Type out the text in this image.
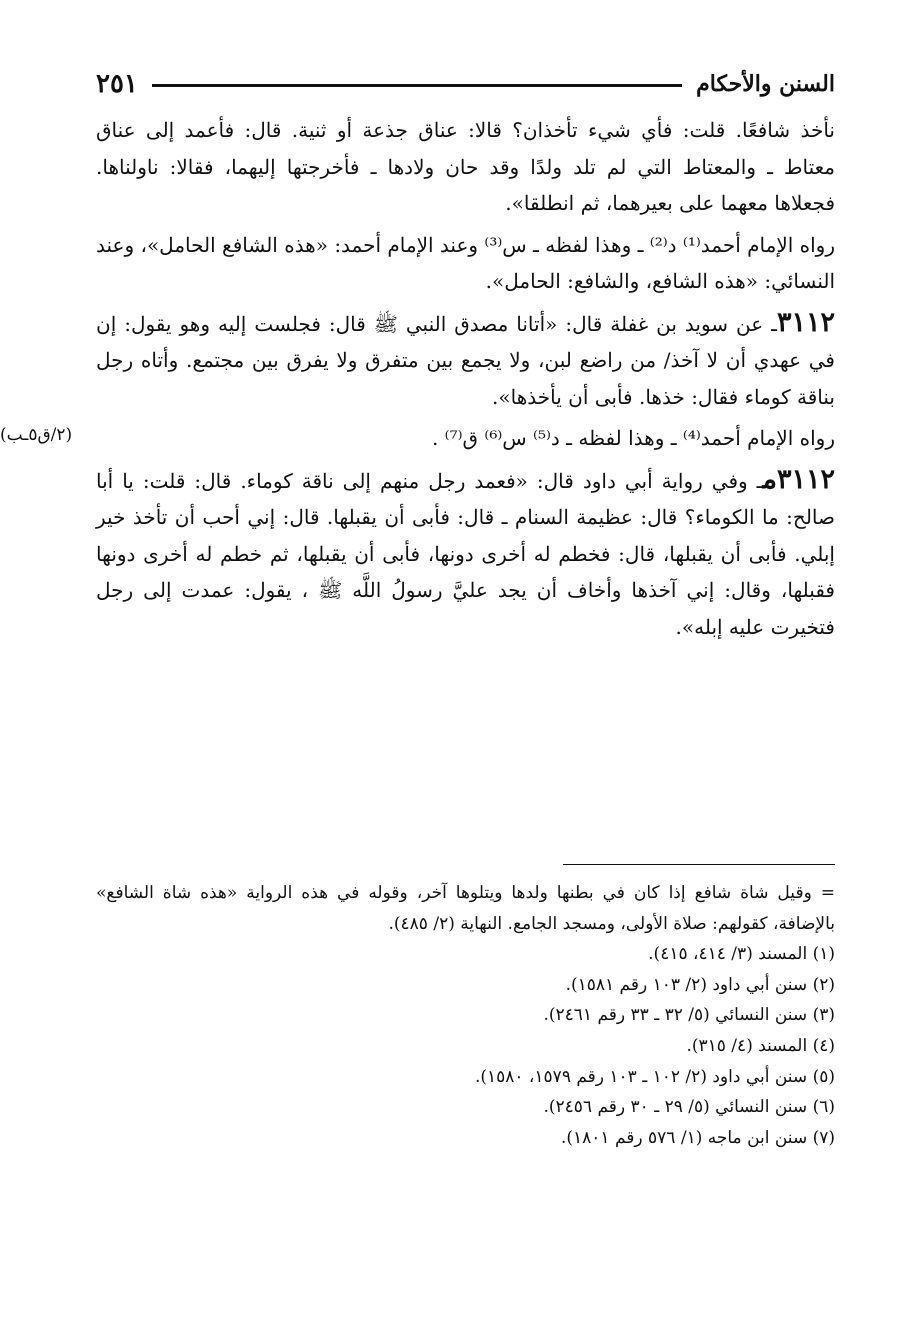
السنن والأحكام
٢٥١

نأخذ شافعًا. قلت: فأي شيء تأخذان؟ قالا: عناق جذعة أو ثنية. قال: فأعمد إلى عناق معتاط ـ والمعتاط التي لم تلد ولدًا وقد حان ولادها ـ فأخرجتها إليهما، فقالا: ناولناها. فجعلاها معهما على بعيرهما، ثم انطلقا».

رواه الإمام أحمد⁽¹⁾ د⁽²⁾ ـ وهذا لفظه ـ س⁽³⁾ وعند الإمام أحمد: «هذه الشافع الحامل»، وعند النسائي: «هذه الشافع، والشافع: الحامل».

٣١١٢ـ عن سويد بن غفلة قال: «أتانا مصدق النبي ﷺ قال: فجلست إليه وهو يقول: إن في عهدي أن لا آخذ/ من راضع لبن، ولا يجمع بين متفرق ولا يفرق بين مجتمع. وأتاه رجل بناقة كوماء فقال: خذها. فأبى أن يأخذها».

رواه الإمام أحمد⁽⁴⁾ ـ وهذا لفظه ـ د⁽⁵⁾ س⁽⁶⁾ ق⁽⁷⁾ .

٣١١٢مـ وفي رواية أبي داود قال: «فعمد رجل منهم إلى ناقة كوماء. قال: قلت: يا أبا صالح: ما الكوماء؟ قال: عظيمة السنام ـ قال: فأبى أن يقبلها. قال: إني أحب أن تأخذ خير إبلي. فأبى أن يقبلها، قال: فخطم له أخرى دونها، فأبى أن يقبلها، ثم خطم له أخرى دونها فقبلها، وقال: إني آخذها وأخاف أن يجد عليَّ رسولُ اللَّه ﷺ ، يقول: عمدت إلى رجل فتخيرت عليه إبله».

(٢/ق٥ـب)

= وقيل شاة شافع إذا كان في بطنها ولدها ويتلوها آخر، وقوله في هذه الرواية «هذه شاة الشافع» بالإضافة، كقولهم: صلاة الأولى، ومسجد الجامع. النهاية (٢/ ٤٨٥).

(١) المسند (٣/ ٤١٤، ٤١٥).

(٢) سنن أبي داود (٢/ ١٠٣ رقم ١٥٨١).

(٣) سنن النسائي (٥/ ٣٢ ـ ٣٣ رقم ٢٤٦١).

(٤) المسند (٤/ ٣١٥).

(٥) سنن أبي داود (٢/ ١٠٢ ـ ١٠٣ رقم ١٥٧٩، ١٥٨٠).

(٦) سنن النسائي (٥/ ٢٩ ـ ٣٠ رقم ٢٤٥٦).

(٧) سنن ابن ماجه (١/ ٥٧٦ رقم ١٨٠١).
